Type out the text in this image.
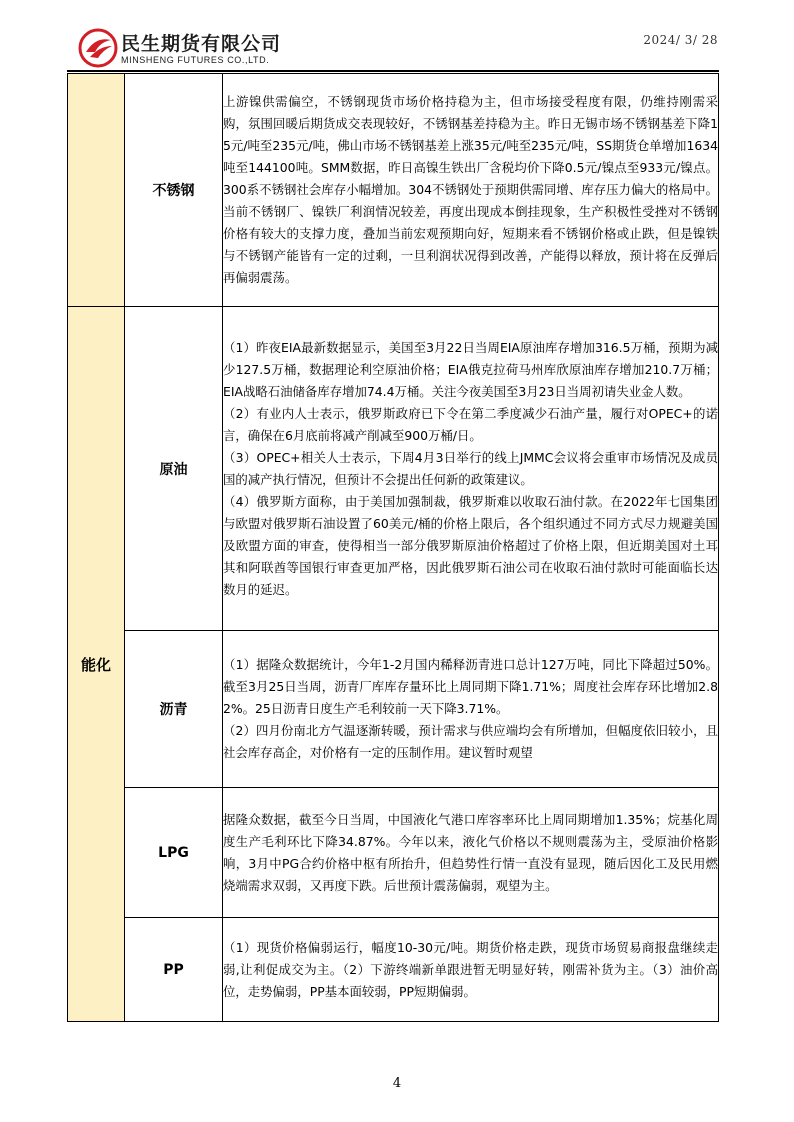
民生期货有限公司
MINSHENG FUTURES CO.,LTD.
2024/ 3/ 28
	不锈钢	上游镍供需偏空，不锈钢现货市场价格持稳为主，但市场接受程度有限，仍维持刚需采购，氛围回暖后期货成交表现较好，不锈钢基差持稳为主。昨日无锡市场不锈钢基差下降15元/吨至235元/吨，佛山市场不锈钢基差上涨35元/吨至235元/吨，SS期货仓单增加1634吨至144100吨。SMM数据，昨日高镍生铁出厂含税均价下降0.5元/镍点至933元/镍点。300系不锈钢社会库存小幅增加。304不锈钢处于预期供需同增、库存压力偏大的格局中。当前不锈钢厂、镍铁厂利润情况较差，再度出现成本倒挂现象，生产积极性受挫对不锈钢价格有较大的支撑力度，叠加当前宏观预期向好，短期来看不锈钢价格或止跌，但是镍铁与不锈钢产能皆有一定的过剩，一旦利润状况得到改善，产能得以释放，预计将在反弹后再偏弱震荡。

能化	原油	（1）昨夜EIA最新数据显示，美国至3月22日当周EIA原油库存增加316.5万桶，预期为减少127.5万桶，数据理论利空原油价格；EIA俄克拉荷马州库欣原油库存增加210.7万桶；EIA战略石油储备库存增加74.4万桶。关注今夜美国至3月23日当周初请失业金人数。

（2）有业内人士表示，俄罗斯政府已下令在第二季度减少石油产量，履行对OPEC+的诺言，确保在6月底前将减产削减至900万桶/日。

（3）OPEC+相关人士表示，下周4月3日举行的线上JMMC会议将会重审市场情况及成员国的减产执行情况，但预计不会提出任何新的政策建议。

（4）俄罗斯方面称，由于美国加强制裁，俄罗斯难以收取石油付款。在2022年七国集团与欧盟对俄罗斯石油设置了60美元/桶的价格上限后，各个组织通过不同方式尽力规避美国及欧盟方面的审查，使得相当一部分俄罗斯原油价格超过了价格上限，但近期美国对土耳其和阿联酋等国银行审查更加严格，因此俄罗斯石油公司在收取石油付款时可能面临长达数月的延迟。

	沥青	（1）据隆众数据统计，今年1-2月国内稀释沥青进口总计127万吨，同比下降超过50%。截至3月25日当周，沥青厂库库存量环比上周同期下降1.71%；周度社会库存环比增加2.82%。25日沥青日度生产毛利较前一天下降3.71%。

（2）四月份南北方气温逐渐转暖，预计需求与供应端均会有所增加，但幅度依旧较小，且社会库存高企，对价格有一定的压制作用。建议暂时观望

	LPG	据隆众数据，截至今日当周，中国液化气港口库容率环比上周同期增加1.35%；烷基化周度生产毛利环比下降34.87%。今年以来，液化气价格以不规则震荡为主，受原油价格影响，3月中PG合约价格中枢有所抬升，但趋势性行情一直没有显现，随后因化工及民用燃烧端需求双弱，又再度下跌。后世预计震荡偏弱，观望为主。

	PP	（1）现货价格偏弱运行，幅度10-30元/吨。期货价格走跌，现货市场贸易商报盘继续走弱,让利促成交为主。（2）下游终端新单跟进暂无明显好转，刚需补货为主。（3）油价高位，走势偏弱，PP基本面较弱，PP短期偏弱。

4
